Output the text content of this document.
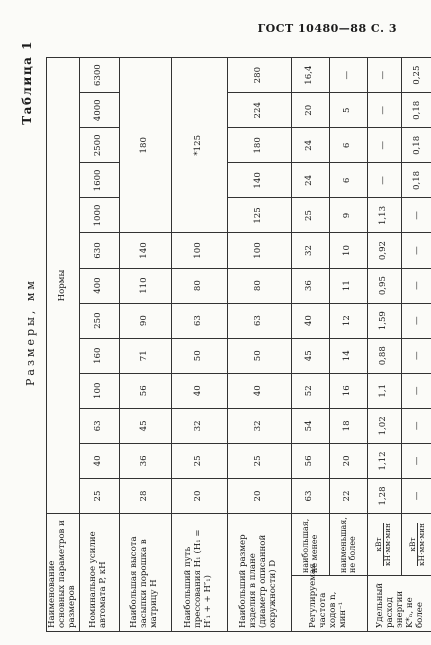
ГОСТ 10480—88 С. 3
Таблица 1
Размеры, мм
Наименование основных параметров и размеров		Нормы												
Номинальное усилие автомата P, кН		25	40	63	100	160	250	400	630	1000	1600	2500	4000	6300
Наибольшая высота засыпки порошка в матрицу H		28	36	45	56	71	90	110	140	180				
Наибольший путь прессования H₁ (H₁ = H′₁ + + H″₁)		20	25	32	40	50	63	80	100	*125				
Наибольший размер изделия в плане (диаметр описанной окружности) D		20	25	32	40	50	63	80	100	125	140	180	224	280
Регулируемая частота ходов n, мин⁻¹	наибольшая, не менее	63	56	54	52	45	40	36	32	25	24	24	20	16,4
	наименьшая, не более	22	20	18	16	14	12	11	10	9	6	6	5	—
Удельный расход энергии K*ₙ, не более	кВт кН·мм·мин	1,28	1,12	1,02	1,1	0,88	1,59	0,95	0,92	1,13	—	—	—	—

	кВт кН·мм·мин	—	—	—	—	—	—	—	—	—	0,18	0,18	0,18	0,25
